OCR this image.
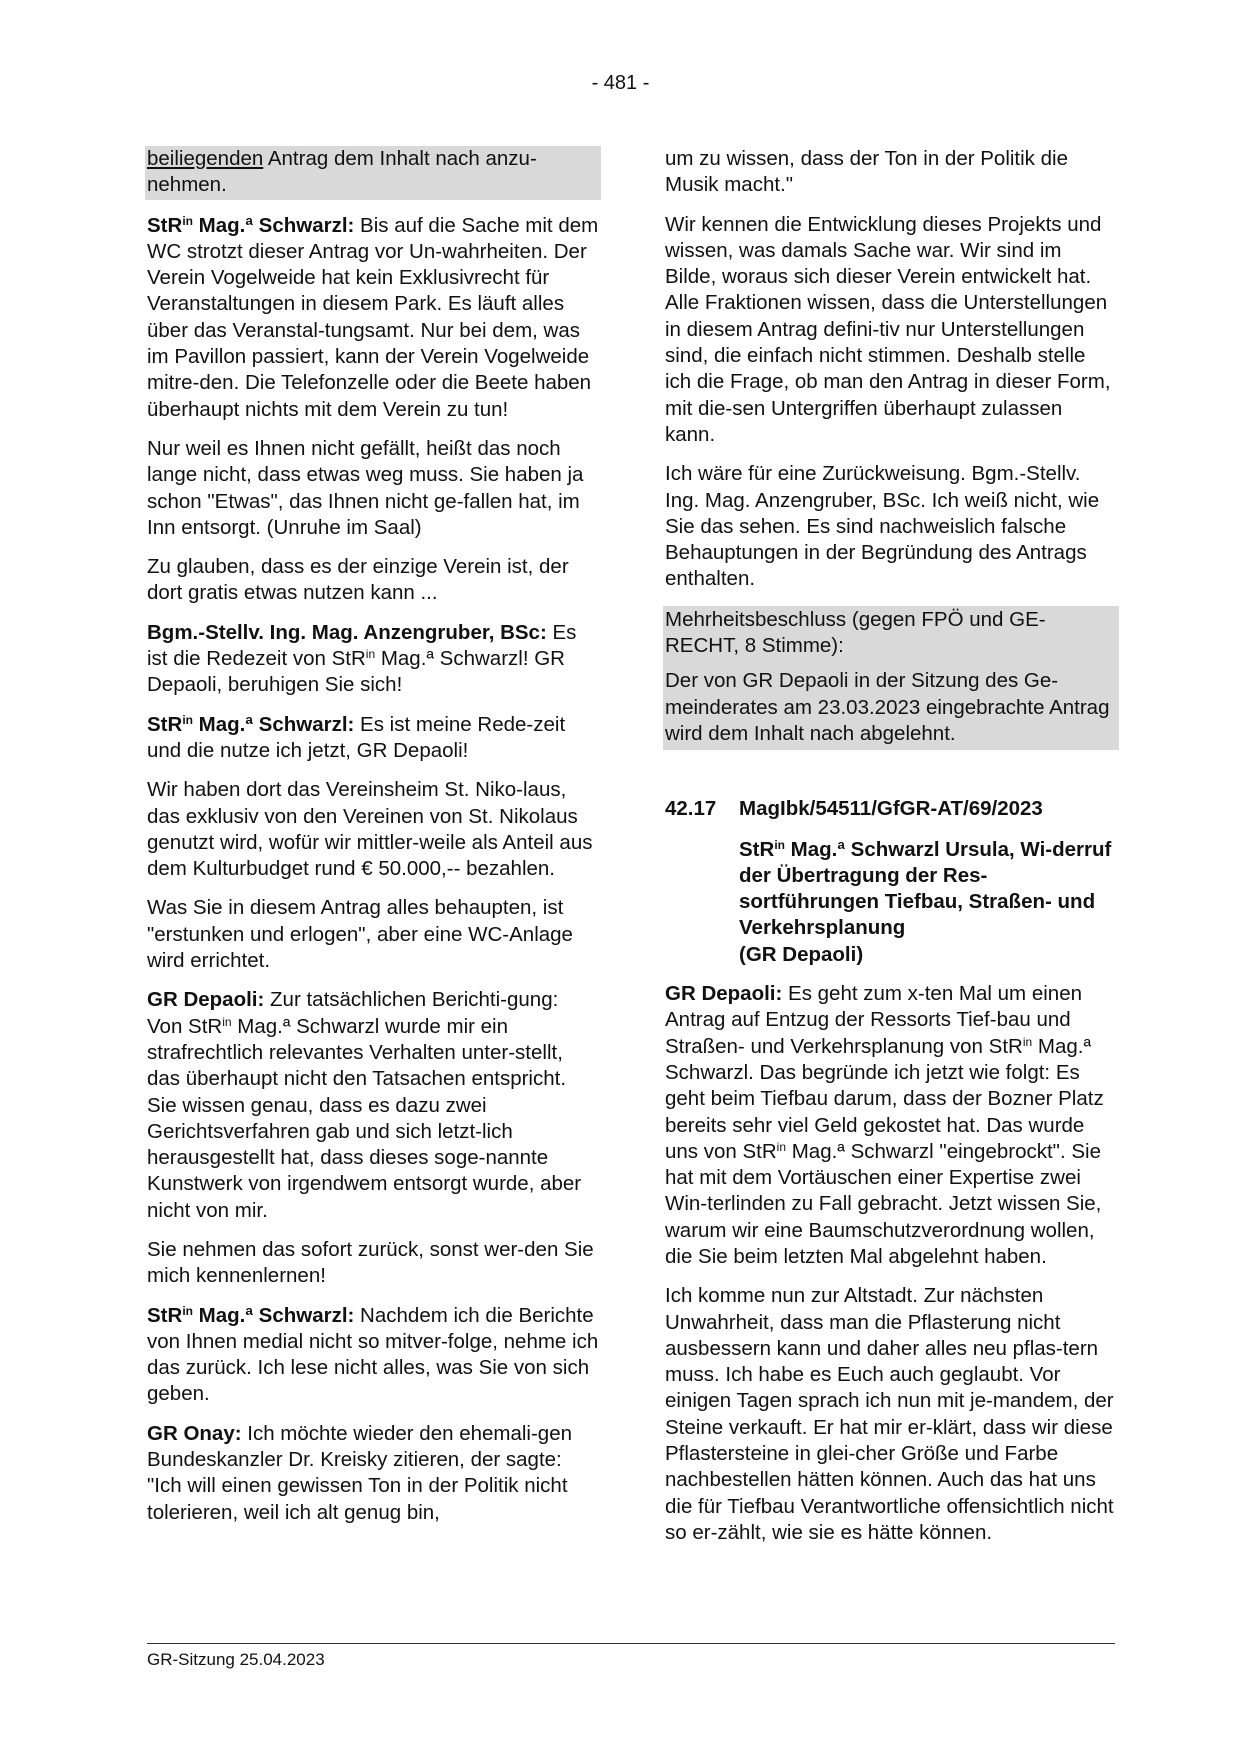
- 481 -

beiliegenden Antrag dem Inhalt nach anzu-nehmen.

StR$^{in}$ Mag.ª Schwarzl: Bis auf die Sache mit dem WC strotzt dieser Antrag vor Un-wahrheiten. Der Verein Vogelweide hat kein Exklusivrecht für Veranstaltungen in diesem Park. Es läuft alles über das Veranstal-tungsamt. Nur bei dem, was im Pavillon passiert, kann der Verein Vogelweide mitre-den. Die Telefonzelle oder die Beete haben überhaupt nichts mit dem Verein zu tun!

Nur weil es Ihnen nicht gefällt, heißt das noch lange nicht, dass etwas weg muss. Sie haben ja schon "Etwas", das Ihnen nicht ge-fallen hat, im Inn entsorgt. (Unruhe im Saal)

Zu glauben, dass es der einzige Verein ist, der dort gratis etwas nutzen kann ...

Bgm.-Stellv. Ing. Mag. Anzengruber, BSc: Es ist die Redezeit von StR$^{in}$ Mag.ª Schwarzl! GR Depaoli, beruhigen Sie sich!

StR$^{in}$ Mag.ª Schwarzl: Es ist meine Rede-zeit und die nutze ich jetzt, GR Depaoli!

Wir haben dort das Vereinsheim St. Niko-laus, das exklusiv von den Vereinen von St. Nikolaus genutzt wird, wofür wir mittler-weile als Anteil aus dem Kulturbudget rund € 50.000,-- bezahlen.

Was Sie in diesem Antrag alles behaupten, ist "erstunken und erlogen", aber eine WC-Anlage wird errichtet.

GR Depaoli: Zur tatsächlichen Berichti-gung: Von StR$^{in}$ Mag.ª Schwarzl wurde mir ein strafrechtlich relevantes Verhalten unter-stellt, das überhaupt nicht den Tatsachen entspricht. Sie wissen genau, dass es dazu zwei Gerichtsverfahren gab und sich letzt-lich herausgestellt hat, dass dieses soge-nannte Kunstwerk von irgendwem entsorgt wurde, aber nicht von mir.

Sie nehmen das sofort zurück, sonst wer-den Sie mich kennenlernen!

StR$^{in}$ Mag.ª Schwarzl: Nachdem ich die Berichte von Ihnen medial nicht so mitver-folge, nehme ich das zurück. Ich lese nicht alles, was Sie von sich geben.

GR Onay: Ich möchte wieder den ehemali-gen Bundeskanzler Dr. Kreisky zitieren, der sagte: "Ich will einen gewissen Ton in der Politik nicht tolerieren, weil ich alt genug bin,

um zu wissen, dass der Ton in der Politik die Musik macht."

Wir kennen die Entwicklung dieses Projekts und wissen, was damals Sache war. Wir sind im Bilde, woraus sich dieser Verein entwickelt hat. Alle Fraktionen wissen, dass die Unterstellungen in diesem Antrag defini-tiv nur Unterstellungen sind, die einfach nicht stimmen. Deshalb stelle ich die Frage, ob man den Antrag in dieser Form, mit die-sen Untergriffen überhaupt zulassen kann.

Ich wäre für eine Zurückweisung. Bgm.-Stellv. Ing. Mag. Anzengruber, BSc. Ich weiß nicht, wie Sie das sehen. Es sind nachweislich falsche Behauptungen in der Begründung des Antrags enthalten.

Mehrheitsbeschluss (gegen FPÖ und GE-RECHT, 8 Stimme):

Der von GR Depaoli in der Sitzung des Ge-meinderates am 23.03.2023 eingebrachte Antrag wird dem Inhalt nach abgelehnt.

42.17	MagIbk/54511/GfGR-AT/69/2023
StR$^{in}$ Mag.ª Schwarzl Ursula, Wi-derruf der Übertragung der Res-sortführungen Tiefbau, Straßen- und Verkehrsplanung
(GR Depaoli)

GR Depaoli: Es geht zum x-ten Mal um einen Antrag auf Entzug der Ressorts Tief-bau und Straßen- und Verkehrsplanung von StR$^{in}$ Mag.ª Schwarzl. Das begründe ich jetzt wie folgt: Es geht beim Tiefbau darum, dass der Bozner Platz bereits sehr viel Geld gekostet hat. Das wurde uns von StR$^{in}$ Mag.ª Schwarzl "eingebrockt". Sie hat mit dem Vortäuschen einer Expertise zwei Win-terlinden zu Fall gebracht. Jetzt wissen Sie, warum wir eine Baumschutzverordnung wollen, die Sie beim letzten Mal abgelehnt haben.

Ich komme nun zur Altstadt. Zur nächsten Unwahrheit, dass man die Pflasterung nicht ausbessern kann und daher alles neu pflas-tern muss. Ich habe es Euch auch geglaubt. Vor einigen Tagen sprach ich nun mit je-mandem, der Steine verkauft. Er hat mir er-klärt, dass wir diese Pflastersteine in glei-cher Größe und Farbe nachbestellen hätten können. Auch das hat uns die für Tiefbau Verantwortliche offensichtlich nicht so er-zählt, wie sie es hätte können.

GR-Sitzung 25.04.2023
